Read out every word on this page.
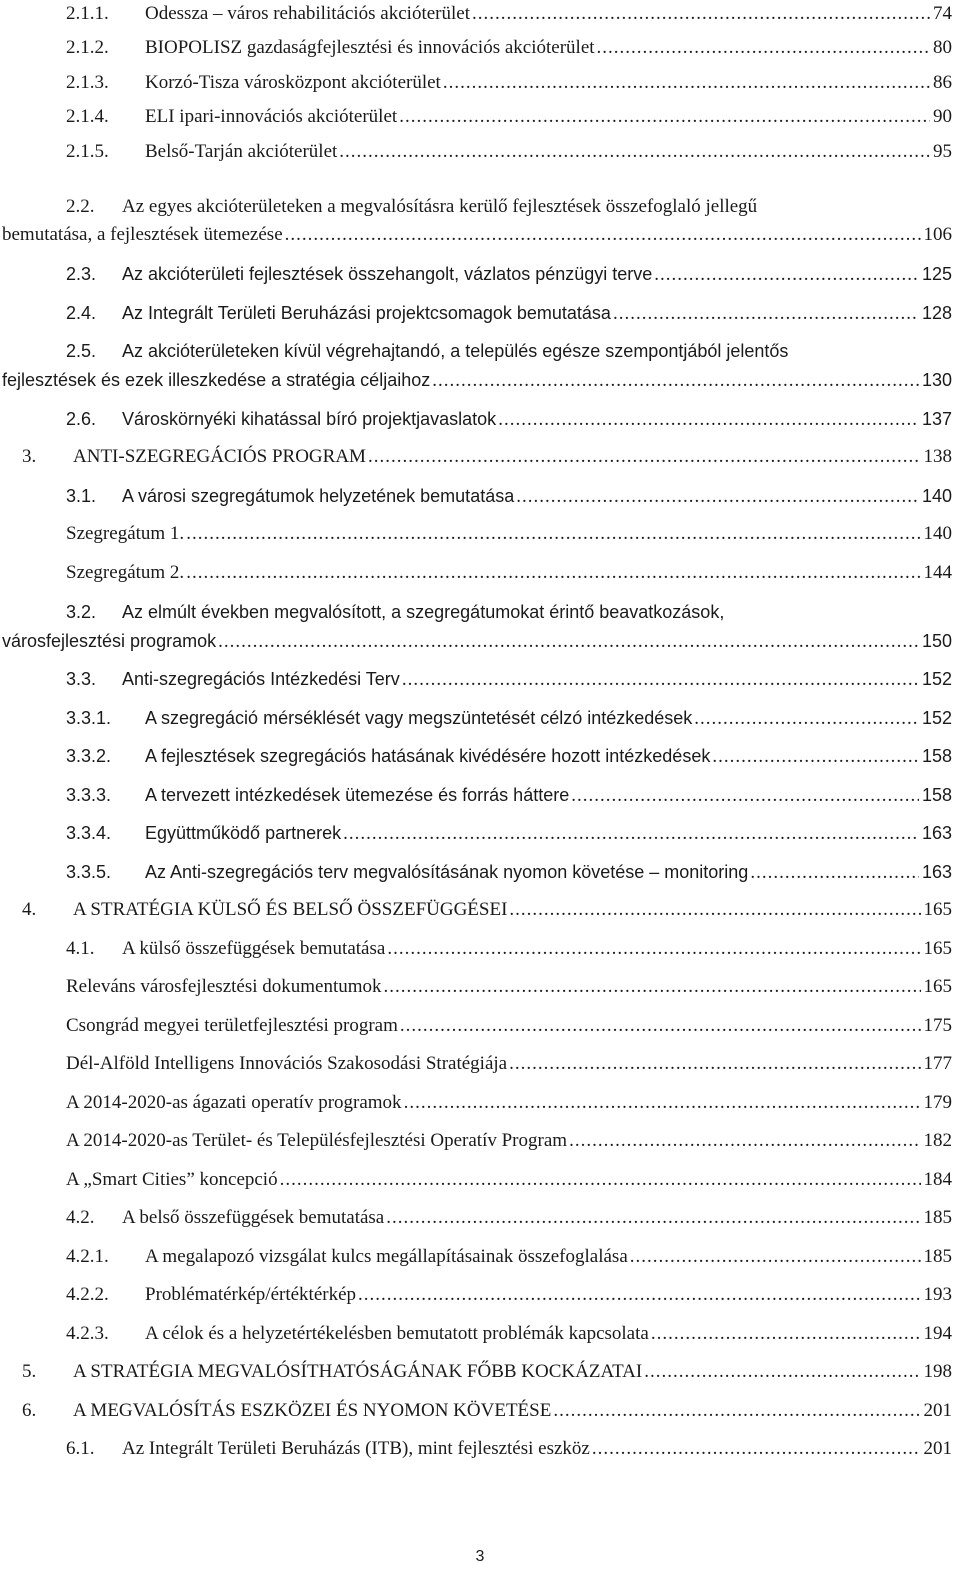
2.1.1. Odessza – város rehabilitációs akcióterület .....	74
2.1.2. BIOPOLISZ gazdaságfejlesztési és innovációs akcióterület .....	80
2.1.3. Korzó-Tisza városközpont akcióterület .....	86
2.1.4. ELI ipari-innovációs akcióterület .....	90
2.1.5. Belső-Tarján akcióterület .....	95
2.2. Az egyes akcióterületeken a megvalósításra kerülő fejlesztések összefoglaló jellegű
bemutatása, a fejlesztések ütemezése .....	106
2.3. Az akcióterületi fejlesztések összehangolt, vázlatos pénzügyi terve .....	125
2.4. Az Integrált Területi Beruházási projektcsomagok bemutatása .....	128
2.5. Az akcióterületeken kívül végrehajtandó, a település egésze szempontjából jelentős
fejlesztések és ezek illeszkedése a stratégia céljaihoz .....	130
2.6. Városkörnyéki kihatással bíró projektjavaslatok .....	137
3. ANTI-SZEGREGÁCIÓS PROGRAM .....	138
3.1. A városi szegregátumok helyzetének bemutatása .....	140
Szegregátum 1. .....	140
Szegregátum 2. .....	144
3.2. Az elmúlt években megvalósított, a szegregátumokat érintő beavatkozások,
városfejlesztési programok .....	150
3.3. Anti-szegregációs Intézkedési Terv .....	152
3.3.1. A szegregáció mérséklését vagy megszüntetését célzó intézkedések .....	152
3.3.2. A fejlesztések szegregációs hatásának kivédésére hozott intézkedések .....	158
3.3.3. A tervezett intézkedések ütemezése és forrás háttere .....	158
3.3.4. Együttműködő partnerek .....	163
3.3.5. Az Anti-szegregációs terv megvalósításának nyomon követése – monitoring .....	163
4. A STRATÉGIA KÜLSŐ ÉS BELSŐ ÖSSZEFÜGGÉSEI .....	165
4.1. A külső összefüggések bemutatása .....	165
Releváns városfejlesztési dokumentumok .....	165
Csongrád megyei területfejlesztési program .....	175
Dél-Alföld Intelligens Innovációs Szakosodási Stratégiája .....	177
A 2014-2020-as ágazati operatív programok .....	179
A 2014-2020-as Terület- és Településfejlesztési Operatív Program .....	182
A „Smart Cities” koncepció .....	184
4.2. A belső összefüggések bemutatása .....	185
4.2.1. A megalapozó vizsgálat kulcs megállapításainak összefoglalása .....	185
4.2.2. Problématérkép/értéktérkép .....	193
4.2.3. A célok és a helyzetértékelésben bemutatott problémák kapcsolata .....	194
5. A STRATÉGIA MEGVALÓSÍTHATÓSÁGÁNAK FŐBB KOCKÁZATAI .....	198
6. A MEGVALÓSÍTÁS ESZKÖZEI ÉS NYOMON KÖVETÉSE .....	201
6.1. Az Integrált Területi Beruházás (ITB), mint fejlesztési eszköz .....	201
3
